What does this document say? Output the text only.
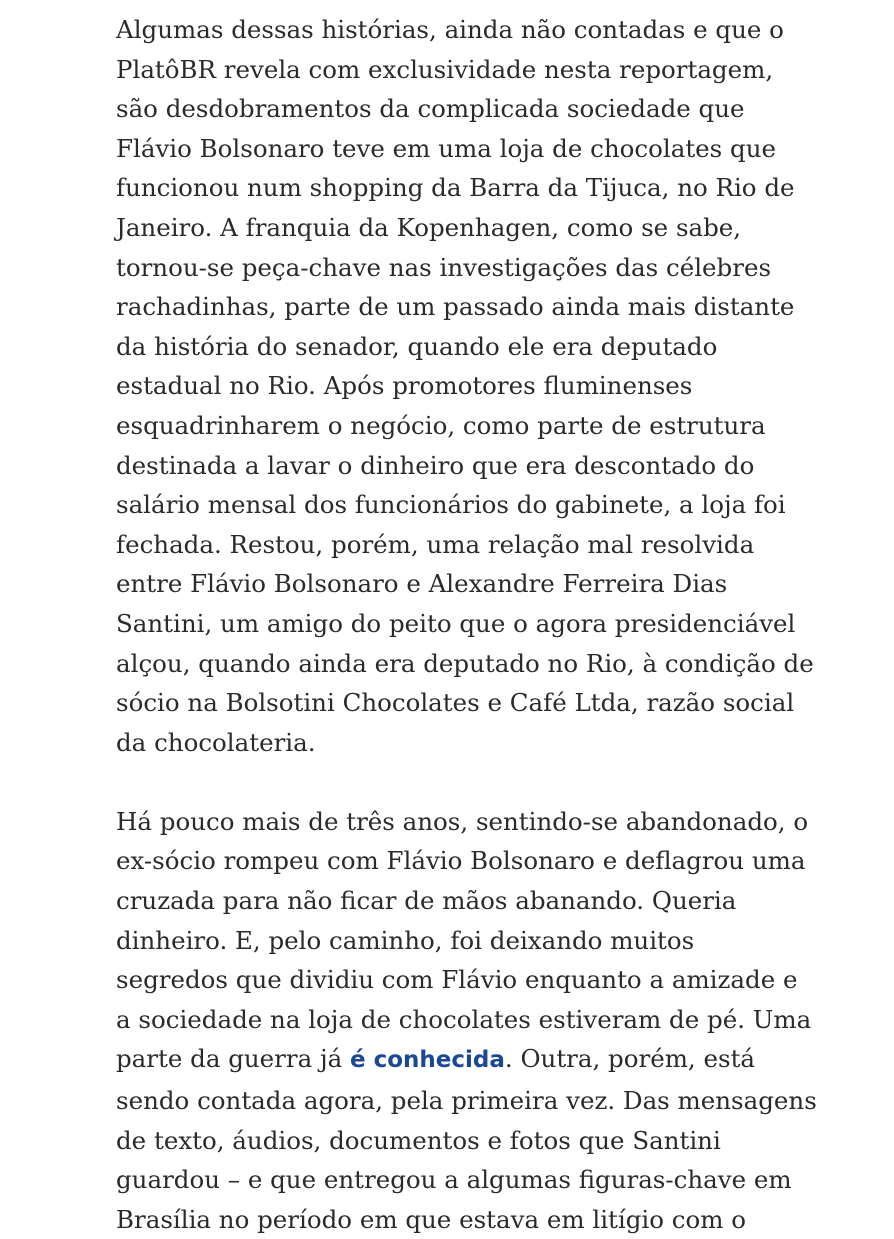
Algumas dessas histórias, ainda não contadas e que o
PlatôBR revela com exclusividade nesta reportagem,
são desdobramentos da complicada sociedade que
Flávio Bolsonaro teve em uma loja de chocolates que
funcionou num shopping da Barra da Tijuca, no Rio de
Janeiro. A franquia da Kopenhagen, como se sabe,
tornou-se peça-chave nas investigações das célebres
rachadinhas, parte de um passado ainda mais distante
da história do senador, quando ele era deputado
estadual no Rio. Após promotores fluminenses
esquadrinharem o negócio, como parte de estrutura
destinada a lavar o dinheiro que era descontado do
salário mensal dos funcionários do gabinete, a loja foi
fechada. Restou, porém, uma relação mal resolvida
entre Flávio Bolsonaro e Alexandre Ferreira Dias
Santini, um amigo do peito que o agora presidenciável
alçou, quando ainda era deputado no Rio, à condição de
sócio na Bolsotini Chocolates e Café Ltda, razão social
da chocolateria.
Há pouco mais de três anos, sentindo-se abandonado, o
ex-sócio rompeu com Flávio Bolsonaro e deflagrou uma
cruzada para não ficar de mãos abanando. Queria
dinheiro. E, pelo caminho, foi deixando muitos
segredos que dividiu com Flávio enquanto a amizade e
a sociedade na loja de chocolates estiveram de pé. Uma
parte da guerra já é conhecida. Outra, porém, está
sendo contada agora, pela primeira vez. Das mensagens
de texto, áudios, documentos e fotos que Santini
guardou – e que entregou a algumas figuras-chave em
Brasília no período em que estava em litígio com o
